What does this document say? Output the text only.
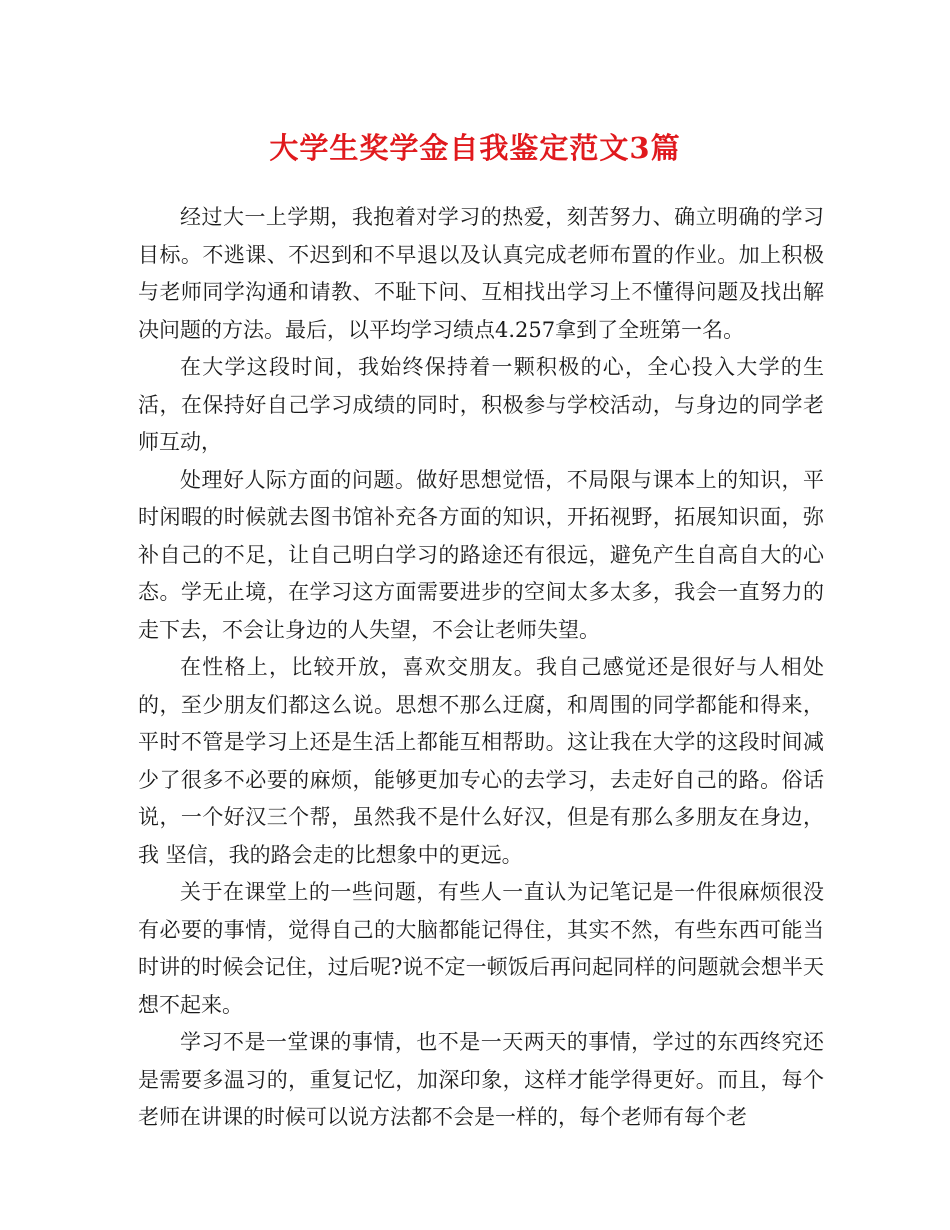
大学生奖学金自我鉴定范文3篇

经过大一上学期，我抱着对学习的热爱，刻苦努力、确立明确的学习目标。不逃课、不迟到和不早退以及认真完成老师布置的作业。加上积极与老师同学沟通和请教、不耻下问、互相找出学习上不懂得问题及找出解决问题的方法。最后，以平均学习绩点4.257拿到了全班第一名。

在大学这段时间，我始终保持着一颗积极的心，全心投入大学的生活，在保持好自己学习成绩的同时，积极参与学校活动，与身边的同学老师互动，

处理好人际方面的问题。做好思想觉悟，不局限与课本上的知识，平时闲暇的时候就去图书馆补充各方面的知识，开拓视野，拓展知识面，弥补自己的不足，让自己明白学习的路途还有很远，避免产生自高自大的心态。学无止境，在学习这方面需要进步的空间太多太多，我会一直努力的走下去，不会让身边的人失望，不会让老师失望。

在性格上，比较开放，喜欢交朋友。我自己感觉还是很好与人相处的，至少朋友们都这么说。思想不那么迂腐，和周围的同学都能和得来，平时不管是学习上还是生活上都能互相帮助。这让我在大学的这段时间减少了很多不必要的麻烦，能够更加专心的去学习，去走好自己的路。俗话说，一个好汉三个帮，虽然我不是什么好汉，但是有那么多朋友在身边，我 坚信，我的路会走的比想象中的更远。

关于在课堂上的一些问题，有些人一直认为记笔记是一件很麻烦很没有必要的事情，觉得自己的大脑都能记得住，其实不然，有些东西可能当时讲的时候会记住，过后呢?说不定一顿饭后再问起同样的问题就会想半天想不起来。

学习不是一堂课的事情，也不是一天两天的事情，学过的东西终究还是需要多温习的，重复记忆，加深印象，这样才能学得更好。而且，每个老师在讲课的时候可以说方法都不会是一样的，每个老师有每个老
